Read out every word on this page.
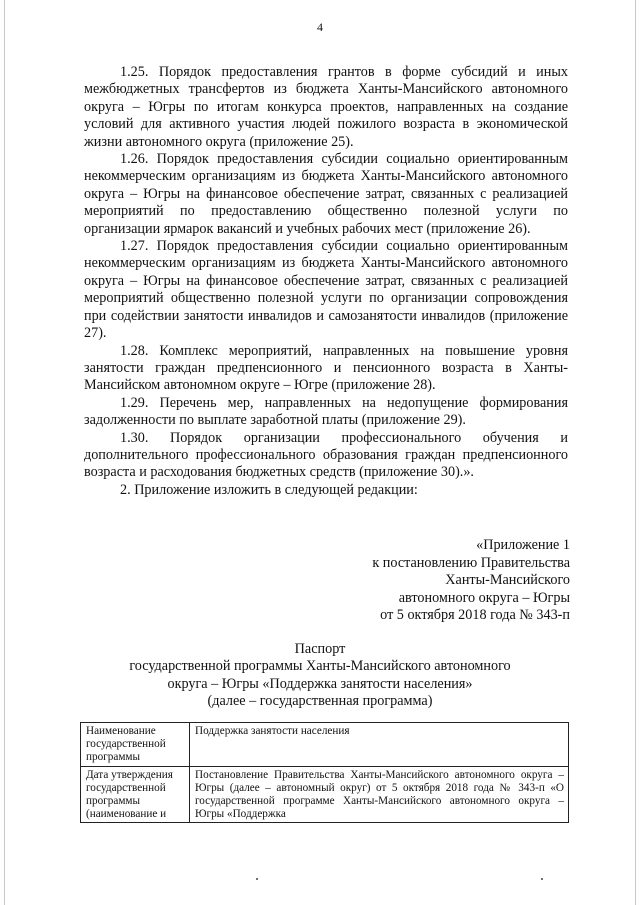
4

1.25. Порядок предоставления грантов в форме субсидий и иных межбюджетных трансфертов из бюджета Ханты-Мансийского автономного округа – Югры по итогам конкурса проектов, направленных на создание условий для активного участия людей пожилого возраста в экономической жизни автономного округа (приложение 25).

1.26. Порядок предоставления субсидии социально ориентированным некоммерческим организациям из бюджета Ханты-Мансийского автономного округа – Югры на финансовое обеспечение затрат, связанных с реализацией мероприятий по предоставлению общественно полезной услуги по организации ярмарок вакансий и учебных рабочих мест (приложение 26).

1.27. Порядок предоставления субсидии социально ориентированным некоммерческим организациям из бюджета Ханты-Мансийского автономного округа – Югры на финансовое обеспечение затрат, связанных с реализацией мероприятий общественно полезной услуги по организации сопровождения при содействии занятости инвалидов и самозанятости инвалидов (приложение 27).

1.28. Комплекс мероприятий, направленных на повышение уровня занятости граждан предпенсионного и пенсионного возраста в Ханты-Мансийском автономном округе – Югре (приложение 28).

1.29. Перечень мер, направленных на недопущение формирования задолженности по выплате заработной платы (приложение 29).

1.30. Порядок организации профессионального обучения и дополнительного профессионального образования граждан предпенсионного возраста и расходования бюджетных средств (приложение 30).».

2. Приложение изложить в следующей редакции:

«Приложение 1
к постановлению Правительства
Ханты-Мансийского
автономного округа – Югры
от 5 октября 2018 года № 343-п
Паспорт
государственной программы Ханты-Мансийского автономного
округа – Югры «Поддержка занятости населения»
(далее – государственная программа)
Наименование государственной программы	Поддержка занятости населения
Дата утверждения государственной программы (наименование и	Постановление Правительства Ханты-Мансийского автономного округа – Югры (далее – автономный округ) от 5 октября 2018 года № 343-п «О государственной программе Ханты-Мансийского автономного округа – Югры «Поддержка
